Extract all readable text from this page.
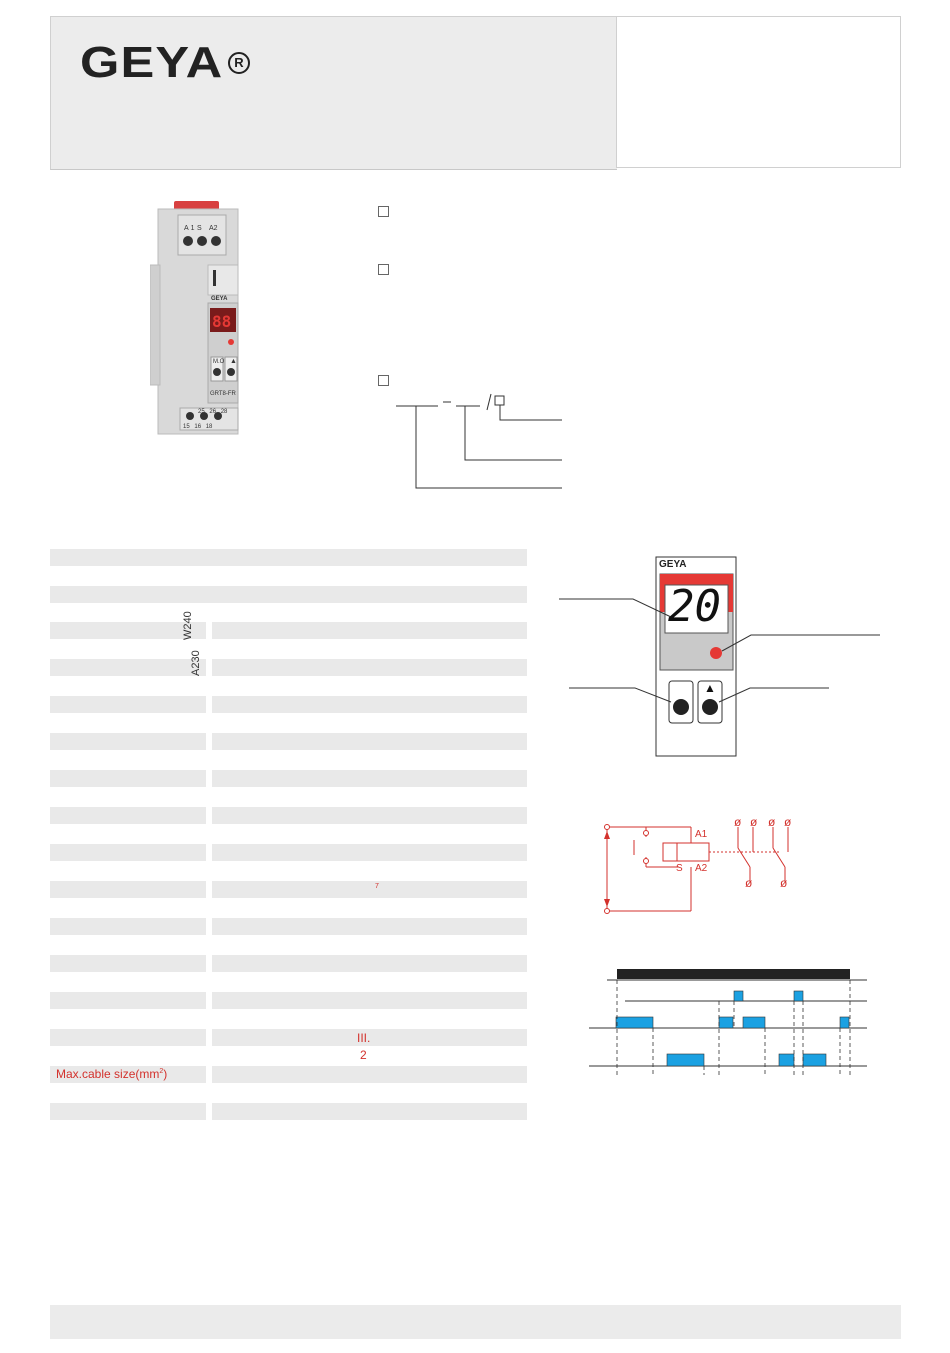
GEYA R
A1 S A2
GEYA
88
M.O ▲
GRT8-FR
25 26 28
15 16 18
W240
A230
7
III.
2
Max.cable $size(mm^2)$
GEYA
20
▲
A1
A2
S
ø ø ø ø
ø ø
